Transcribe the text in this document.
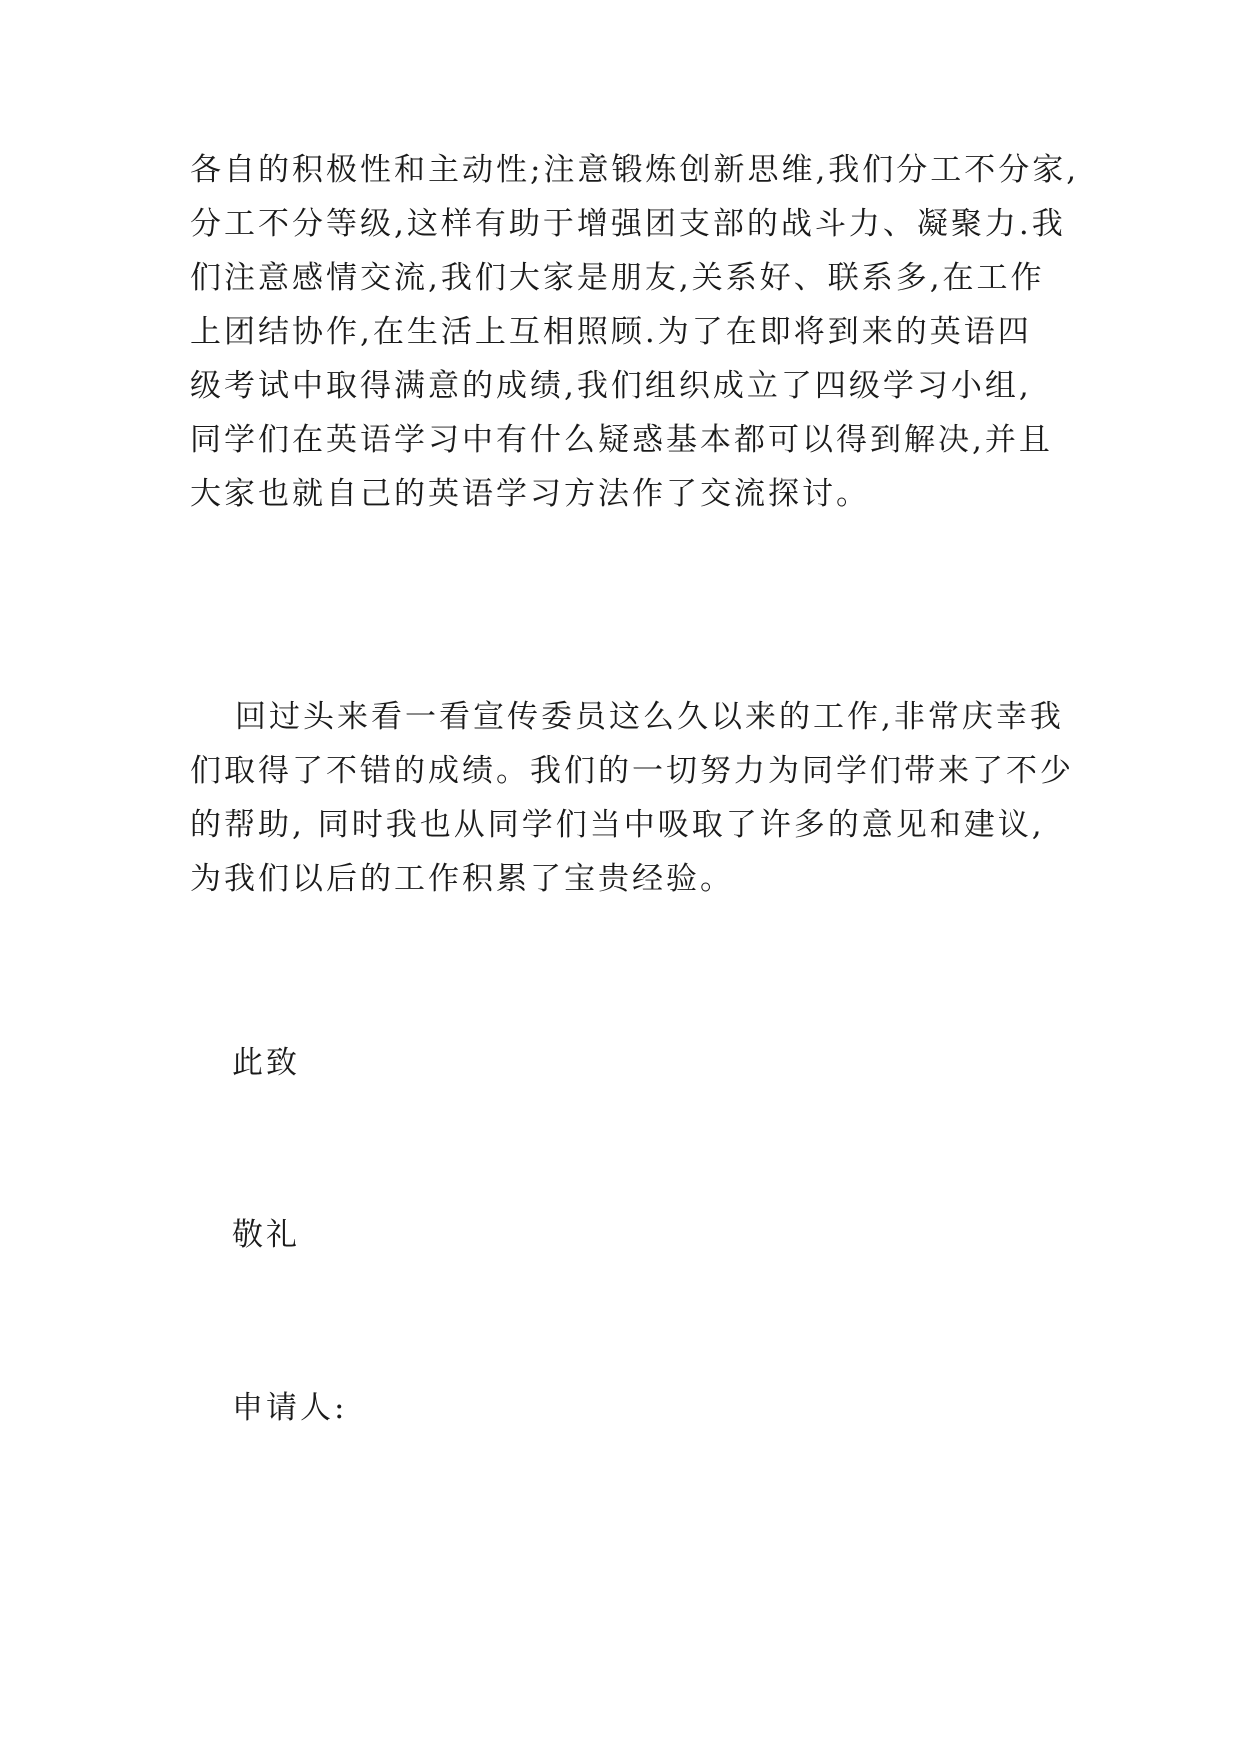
各自的积极性和主动性;注意锻炼创新思维,我们分工不分家,
分工不分等级,这样有助于增强团支部的战斗力、凝聚力.我
们注意感情交流,我们大家是朋友,关系好、联系多,在工作
上团结协作,在生活上互相照顾.为了在即将到来的英语四
级考试中取得满意的成绩,我们组织成立了四级学习小组,
同学们在英语学习中有什么疑惑基本都可以得到解决,并且
大家也就自己的英语学习方法作了交流探讨。
回过头来看一看宣传委员这么久以来的工作,非常庆幸我
们取得了不错的成绩。我们的一切努力为同学们带来了不少
的帮助, 同时我也从同学们当中吸取了许多的意见和建议,
为我们以后的工作积累了宝贵经验。

此致

敬礼

申请人:
